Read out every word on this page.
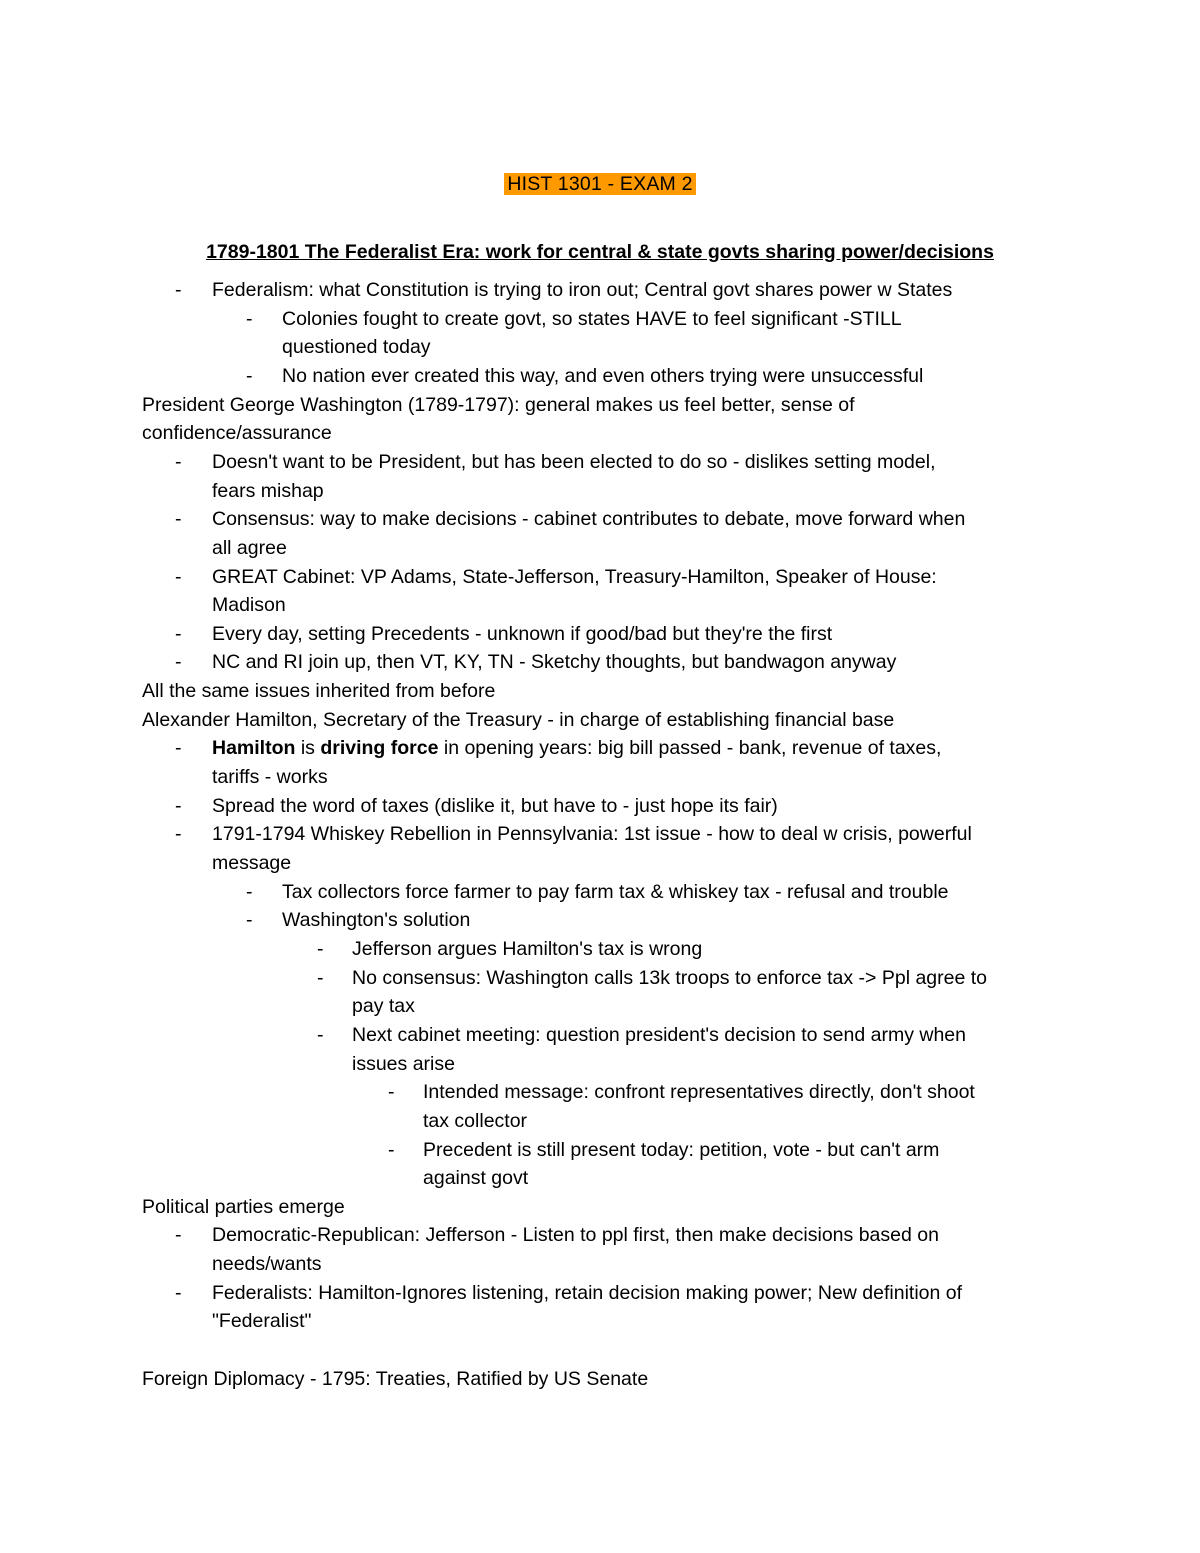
HIST 1301 - EXAM 2
1789-1801 The Federalist Era: work for central & state govts sharing power/decisions
Federalism: what Constitution is trying to iron out; Central govt shares power w States
-
Colonies fought to create govt, so states HAVE to feel significant -STILL
-
questioned today
No nation ever created this way, and even others trying were unsuccessful
-
President George Washington (1789-1797): general makes us feel better, sense of
confidence/assurance
Doesn't want to be President, but has been elected to do so - dislikes setting model,
-
fears mishap
Consensus: way to make decisions - cabinet contributes to debate, move forward when
-
all agree
GREAT Cabinet: VP Adams, State-Jefferson, Treasury-Hamilton, Speaker of House:
-
Madison
Every day, setting Precedents - unknown if good/bad but they're the first
-
NC and RI join up, then VT, KY, TN - Sketchy thoughts, but bandwagon anyway
-
All the same issues inherited from before
Alexander Hamilton, Secretary of the Treasury - in charge of establishing financial base
Hamilton is driving force in opening years: big bill passed - bank, revenue of taxes,
-
tariffs - works
Spread the word of taxes (dislike it, but have to - just hope its fair)
-
1791-1794 Whiskey Rebellion in Pennsylvania: 1st issue - how to deal w crisis, powerful
-
message
Tax collectors force farmer to pay farm tax & whiskey tax - refusal and trouble
-
Washington's solution
-
Jefferson argues Hamilton's tax is wrong
-
No consensus: Washington calls 13k troops to enforce tax -> Ppl agree to
-
pay tax
Next cabinet meeting: question president's decision to send army when
-
issues arise
Intended message: confront representatives directly, don't shoot
-
tax collector
Precedent is still present today: petition, vote - but can't arm
-
against govt
Political parties emerge
Democratic-Republican: Jefferson - Listen to ppl first, then make decisions based on
-
needs/wants
Federalists: Hamilton-Ignores listening, retain decision making power; New definition of
-
"Federalist"
Foreign Diplomacy - 1795: Treaties, Ratified by US Senate
